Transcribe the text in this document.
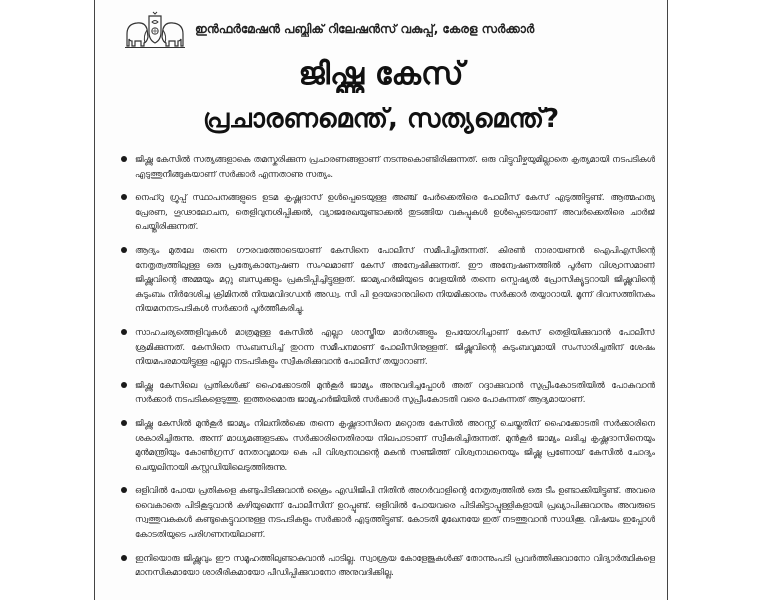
ഇൻഫർമേഷൻ പബ്ലിക് റിലേഷൻസ് വകുപ്പ്, കേരള സർക്കാർ
ജിഷ്ണു കേസ്
പ്രചാരണമെന്ത്, സത്യമെന്ത്?
ജിഷ്ണു കേസിൽ സത്യങ്ങളാകെ തമസ്കരിക്കുന്ന പ്രചാരണങ്ങളാണ് നടന്നുകൊണ്ടിരിക്കുന്നത്. ഒരു വിട്ടുവീഴ്ചയുമില്ലാതെ കൃത്യമായി നടപടികൾ എടുത്തുനീങ്ങുകയാണ് സർക്കാർ എന്നതാണു സത്യം.
നെഹ്റു ഗ്രൂപ്പ് സ്ഥാപനങ്ങളുടെ ഉടമ കൃഷ്ണദാസ് ഉൾപ്പെടെയുള്ള അഞ്ച് പേർക്കെതിരെ പോലീസ് കേസ് എടുത്തിട്ടുണ്ട്. ആത്മഹത്യ പ്രേരണ, ഗൂഢാലോചന, തെളിവുനശിപ്പിക്കൽ, വ്യാജരേഖയുണ്ടാക്കൽ തുടങ്ങിയ വകുപ്പുകൾ ഉൾപ്പെടെയാണ് അവർക്കെതിരെ ചാർജ് ചെയ്തിരിക്കുന്നത്.
ആദ്യം മുതലേ തന്നെ ഗൗരവത്തോടെയാണ് കേസിനെ പോലീസ് സമീപിച്ചിരുന്നത്. കിരൺ നാരായണൻ ഐപിഎസിന്റെ നേതൃത്വത്തിലുള്ള ഒരു പ്രത്യേകാന്വേഷണ സംഘമാണ് കേസ് അന്വേഷിക്കുന്നത്. ഈ അന്വേഷണത്തിൽ പൂർണ വിശ്വാസമാണ് ജിഷ്ണുവിന്റെ അമ്മയും മറ്റു ബന്ധുക്കളും പ്രകടിപ്പിച്ചിട്ടുള്ളത്. ജാമ്യഹർജിയുടെ വേളയിൽ തന്നെ സ്പെഷ്യൽ പ്രോസിക്യൂട്ടറായി ജിഷ്ണുവിന്റെ കുടുംബം നിർദേശിച്ച ക്രിമിനൽ നിയമവിദഗ്ധൻ അഡ്വ. സി പി ഉദയഭാനുവിനെ നിയമിക്കാനും സർക്കാർ തയ്യാറായി. മൂന്ന് ദിവസത്തിനകം നിയമനനടപടികൾ സർക്കാർ പൂർത്തീകരിച്ചു.
സാഹചര്യത്തെളിവുകൾ മാത്രമുള്ള കേസിൽ എല്ലാ ശാസ്ത്രീയ മാർഗങ്ങളും ഉപയോഗിച്ചാണ് കേസ് തെളിയിക്കുവാൻ പോലീസ് ശ്രമിക്കുന്നത്. കേസിനെ സംബന്ധിച്ച് തുറന്ന സമീപനമാണ് പോലീസിനുള്ളത്. ജിഷ്ണുവിന്റെ കുടുംബവുമായി സംസാരിച്ചതിന് ശേഷം നിയമപരമായിട്ടുള്ള എല്ലാ നടപടികളും സ്വീകരിക്കുവാൻ പോലീസ് തയ്യാറാണ്.
ജിഷ്ണു കേസിലെ പ്രതികൾക്ക് ഹൈക്കോടതി മുൻകൂർ ജാമ്യം അനുവദിച്ചപ്പോൾ അത് റദ്ദാക്കുവാൻ സുപ്രീംകോടതിയിൽ പോകുവാൻ സർക്കാർ നടപടികളെടുത്തു. ഇത്തരമൊരു ജാമ്യഹർജിയിൽ സർക്കാർ സുപ്രീംകോടതി വരെ പോകുന്നത് ആദ്യമായാണ്.
ജിഷ്ണു കേസിൽ മുൻകൂർ ജാമ്യം നിലനിൽക്കെ തന്നെ കൃഷ്ണദാസിനെ മറ്റൊരു കേസിൽ അറസ്റ്റ് ചെയ്തതിന് ഹൈക്കോടതി സർക്കാരിനെ ശകാരിച്ചിരുന്നു. അന്ന് മാധ്യമങ്ങളടക്കം സർക്കാരിനെതിരായ നിലപാടാണ് സ്വീകരിച്ചിരുന്നത്. മുൻകൂർ ജാമ്യം ലഭിച്ച കൃഷ്ണദാസിനെയും മുൻമന്ത്രിയും കോൺഗ്രസ് നേതാവുമായ കെ പി വിശ്വനാഥന്റെ മകൻ സഞ്ജിത്ത് വിശ്വനാഥനെയും ജിഷ്ണു പ്രണോയ് കേസിൽ ചോദ്യം ചെയ്യലിനായി കസ്റ്റഡിയിലെടുത്തിരുന്നു.
ഒളിവിൽ പോയ പ്രതികളെ കണ്ടുപിടിക്കുവാൻ ക്രൈം എഡിജിപി നിതിൻ അഗർവാളിന്റെ നേതൃത്വത്തിൽ ഒരു ടീം ഉണ്ടാക്കിയിട്ടുണ്ട്. അവരെ വൈകാതെ പിടികൂടുവാൻ കഴിയുമെന്ന് പോലീസിന് ഉറപ്പുണ്ട്. ഒളിവിൽ പോയവരെ പിടികിട്ടാപ്പുള്ളികളായി പ്രഖ്യാപിക്കുവാനും അവരുടെ സ്വത്തുവകകൾ കണ്ടുകെട്ടുവാനുള്ള നടപടികളും സർക്കാർ എടുത്തിട്ടുണ്ട്. കോടതി മുഖേനയേ ഇത് നടത്തുവാൻ സാധിക്കൂ. വിഷയം ഇപ്പോൾ കോടതിയുടെ പരിഗണനയിലാണ്.
ഇനിയൊരു ജിഷ്ണുവും ഈ സമൂഹത്തിലുണ്ടാകുവാൻ പാടില്ല. സ്വാശ്രയ കോളേജുകൾക്ക് തോന്നുംപടി പ്രവർത്തിക്കുവാനോ വിദ്യാർത്ഥികളെ മാനസികമായോ ശാരീരികമായോ പീഡിപ്പിക്കുവാനോ അനുവദിക്കില്ല.
